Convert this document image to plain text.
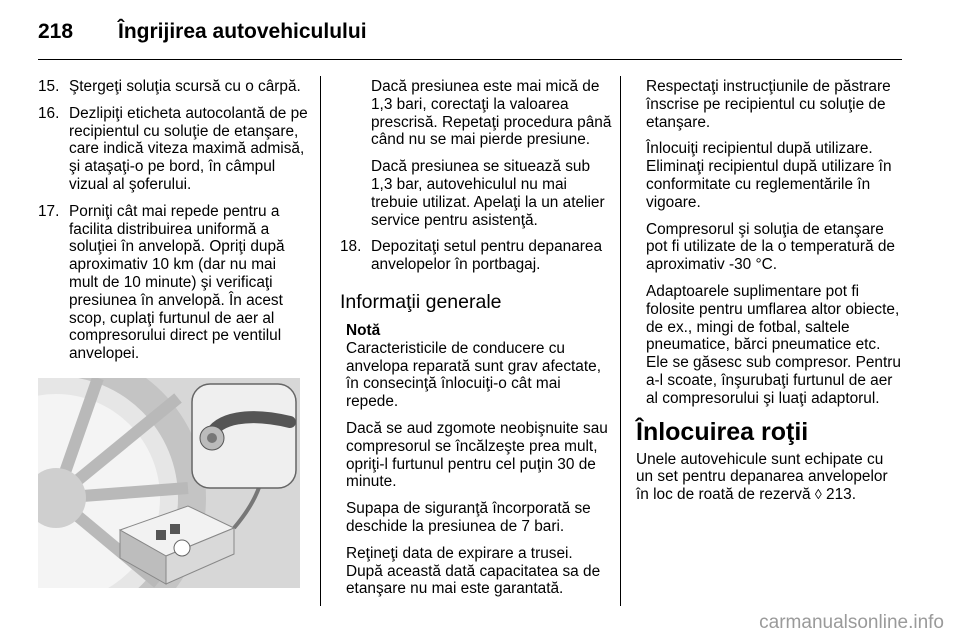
218 Îngrijirea autovehiculului
15. Ştergeţi soluţia scursă cu o cârpă.
16. Dezlipiţi eticheta autocolantă de pe recipientul cu soluţie de etanşare, care indică viteza maximă admisă, şi ataşaţi-o pe bord, în câmpul vizual al şoferului.
17. Porniţi cât mai repede pentru a facilita distribuirea uniformă a soluţiei în anvelopă. Opriţi după aproximativ 10 km (dar nu mai mult de 10 minute) şi verificaţi presiunea în anvelopă. În acest scop, cuplaţi furtunul de aer al compresorului direct pe ventilul anvelopei.

Dacă presiunea este mai mică de 1,3 bari, corectaţi la valoarea prescrisă. Repetaţi procedura până când nu se mai pierde presiune.

Dacă presiunea se situează sub 1,3 bar, autovehiculul nu mai trebuie utilizat. Apelaţi la un atelier service pentru asistenţă.

18. Depozitaţi setul pentru depanarea anvelopelor în portbagaj.
Informaţii generale
Notă

Caracteristicile de conducere cu anvelopa reparată sunt grav afectate, în consecinţă înlocuiţi-o cât mai repede.

Dacă se aud zgomote neobişnuite sau compresorul se încălzeşte prea mult, opriţi-l furtunul pentru cel puţin 30 de minute.

Supapa de siguranţă încorporată se deschide la presiunea de 7 bari.

Reţineţi data de expirare a trusei. După această dată capacitatea sa de etanşare nu mai este garantată.

Respectaţi instrucţiunile de păstrare înscrise pe recipientul cu soluţie de etanşare.

Înlocuiţi recipientul după utilizare. Eliminaţi recipientul după utilizare în conformitate cu reglementările în vigoare.

Compresorul şi soluţia de etanşare pot fi utilizate de la o temperatură de aproximativ -30 °C.

Adaptoarele suplimentare pot fi folosite pentru umflarea altor obiecte, de ex., mingi de fotbal, saltele pneumatice, bărci pneumatice etc. Ele se găsesc sub compresor. Pentru a-l scoate, înşurubaţi furtunul de aer al compresorului şi luaţi adaptorul.

Înlocuirea roţii

Unele autovehicule sunt echipate cu un set pentru depanarea anvelopelor în loc de roată de rezervă ◊ 213.

carmanualsonline.info
